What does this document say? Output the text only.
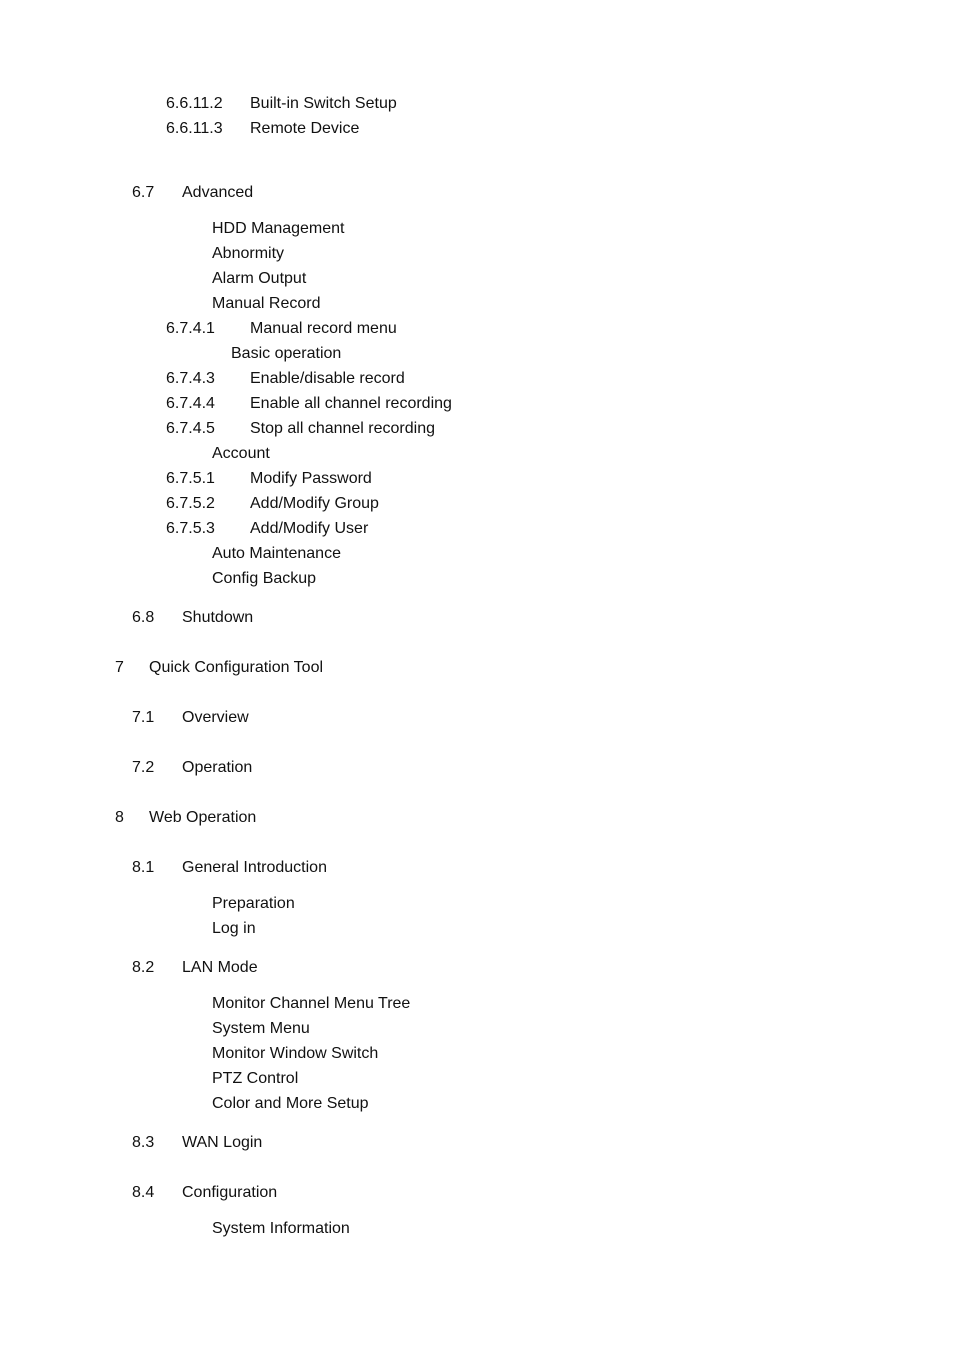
6.6.11.2 Built-in Switch Setup
6.6.11.3 Remote Device
6.7 Advanced
HDD Management
Abnormity
Alarm Output
Manual Record
6.7.4.1 Manual record menu
Basic operation
6.7.4.3 Enable/disable record
6.7.4.4 Enable all channel recording
6.7.4.5 Stop all channel recording
Account
6.7.5.1 Modify Password
6.7.5.2 Add/Modify Group
6.7.5.3 Add/Modify User
Auto Maintenance
Config Backup
6.8 Shutdown
7 Quick Configuration Tool
7.1 Overview
7.2 Operation
8 Web Operation
8.1 General Introduction
Preparation
Log in
8.2 LAN Mode
Monitor Channel Menu Tree
System Menu
Monitor Window Switch
PTZ Control
Color and More Setup
8.3 WAN Login
8.4 Configuration
System Information
